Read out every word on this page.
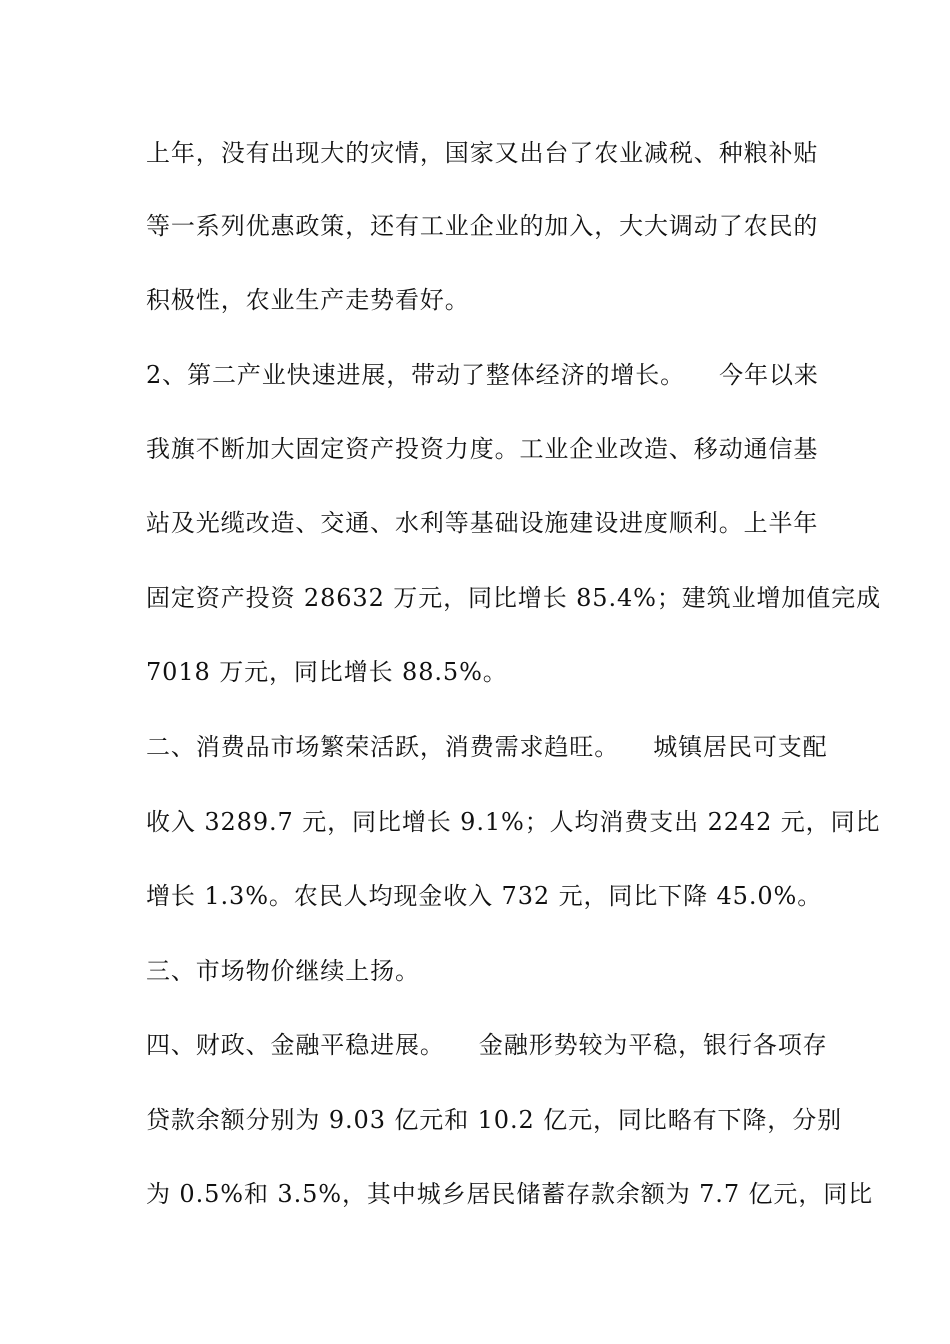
上年，没有出现大的灾情，国家又出台了农业减税、种粮补贴
等一系列优惠政策，还有工业企业的加入，大大调动了农民的
积极性，农业生产走势看好。
2、第二产业快速进展，带动了整体经济的增长。    今年以来
我旗不断加大固定资产投资力度。工业企业改造、移动通信基
站及光缆改造、交通、水利等基础设施建设进度顺利。上半年
固定资产投资 28632 万元，同比增长 85.4%；建筑业增加值完成
7018 万元，同比增长 88.5%。
二、消费品市场繁荣活跃，消费需求趋旺。    城镇居民可支配
收入 3289.7 元，同比增长 9.1%；人均消费支出 2242 元，同比
增长 1.3%。农民人均现金收入 732 元，同比下降 45.0%。
三、市场物价继续上扬。
四、财政、金融平稳进展。    金融形势较为平稳，银行各项存
贷款余额分别为 9.03 亿元和 10.2 亿元，同比略有下降，分别
为 0.5%和 3.5%，其中城乡居民储蓄存款余额为 7.7 亿元，同比
